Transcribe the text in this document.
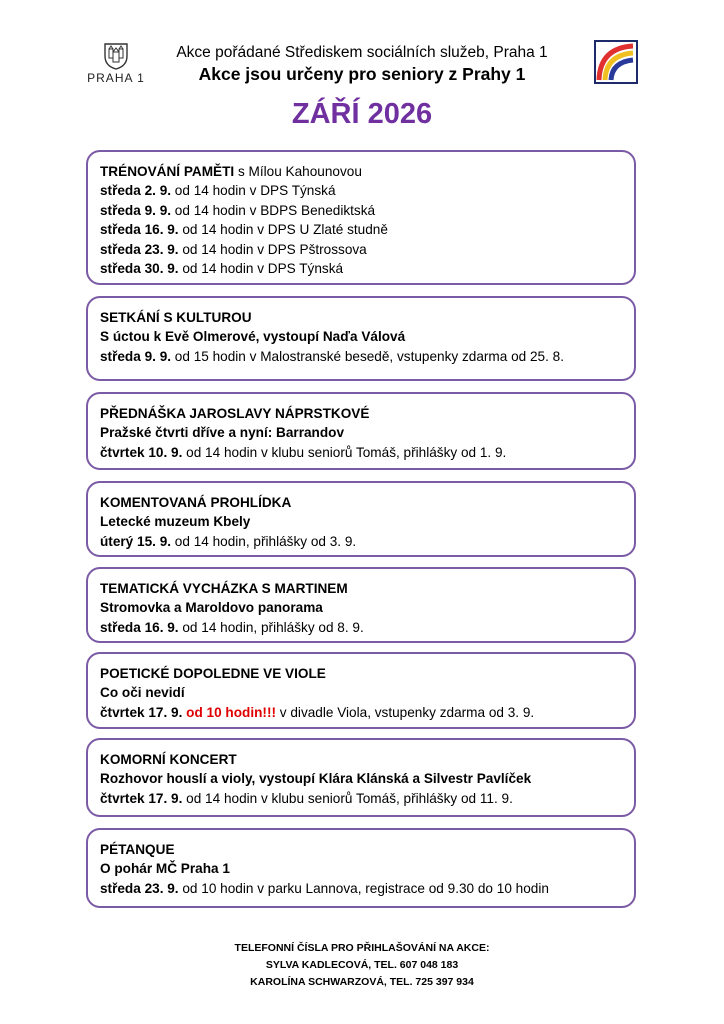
PRAHA 1
Akce pořádané Střediskem sociálních služeb, Praha 1
Akce jsou určeny pro seniory z Prahy 1
ZÁŘÍ 2026
TRÉNOVÁNÍ PAMĚTI s Mílou Kahounovou
středa 2. 9. od 14 hodin v DPS Týnská
středa 9. 9. od 14 hodin v BDPS Benediktská
středa 16. 9. od 14 hodin v DPS U Zlaté studně
středa 23. 9. od 14 hodin v DPS Pštrossova
středa 30. 9. od 14 hodin v DPS Týnská
SETKÁNÍ S KULTUROU
S úctou k Evě Olmerové, vystoupí Naďa Válová
středa 9. 9. od 15 hodin v Malostranské besedě, vstupenky zdarma od 25. 8.
PŘEDNÁŠKA JAROSLAVY NÁPRSTKOVÉ
Pražské čtvrti dříve a nyní: Barrandov
čtvrtek 10. 9. od 14 hodin v klubu seniorů Tomáš, přihlášky od 1. 9.
KOMENTOVANÁ PROHLÍDKA
Letecké muzeum Kbely
úterý 15. 9. od 14 hodin, přihlášky od 3. 9.
TEMATICKÁ VYCHÁZKA S MARTINEM
Stromovka a Maroldovo panorama
středa 16. 9. od 14 hodin, přihlášky od 8. 9.
POETICKÉ DOPOLEDNE VE VIOLE
Co oči nevidí
čtvrtek 17. 9. od 10 hodin!!! v divadle Viola, vstupenky zdarma od 3. 9.
KOMORNÍ KONCERT
Rozhovor houslí a violy, vystoupí Klára Klánská a Silvestr Pavlíček
čtvrtek 17. 9. od 14 hodin v klubu seniorů Tomáš, přihlášky od 11. 9.
PÉTANQUE
O pohár MČ Praha 1
středa 23. 9. od 10 hodin v parku Lannova, registrace od 9.30 do 10 hodin
TELEFONNÍ ČÍSLA PRO PŘIHLAŠOVÁNÍ NA AKCE:
SYLVA KADLECOVÁ, TEL. 607 048 183
KAROLÍNA SCHWARZOVÁ, TEL. 725 397 934
